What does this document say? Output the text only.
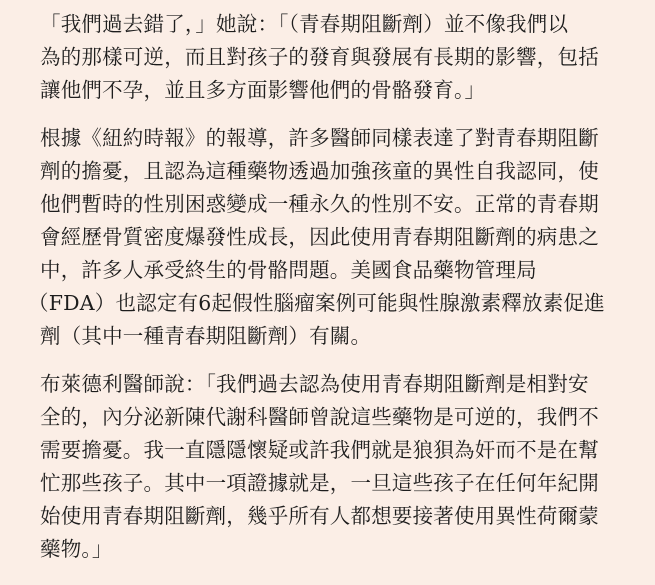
「我們過去錯了，」她說：「（青春期阻斷劑）並不像我們以
為的那樣可逆，而且對孩子的發育與發展有長期的影響，包括
讓他們不孕，並且多方面影響他們的骨骼發育。」

根據《紐約時報》的報導，許多醫師同樣表達了對青春期阻斷
劑的擔憂，且認為這種藥物透過加強孩童的異性自我認同，使
他們暫時的性別困惑變成一種永久的性別不安。正常的青春期
會經歷骨質密度爆發性成長，因此使用青春期阻斷劑的病患之
中，許多人承受終生的骨骼問題。美國食品藥物管理局
（FDA）也認定有6起假性腦瘤案例可能與性腺激素釋放素促進
劑（其中一種青春期阻斷劑）有關。

布萊德利醫師說：「我們過去認為使用青春期阻斷劑是相對安
全的，內分泌新陳代謝科醫師曾說這些藥物是可逆的，我們不
需要擔憂。我一直隱隱懷疑或許我們就是狼狽為奸而不是在幫
忙那些孩子。其中一項證據就是，一旦這些孩子在任何年紀開
始使用青春期阻斷劑，幾乎所有人都想要接著使用異性荷爾蒙
藥物。」
